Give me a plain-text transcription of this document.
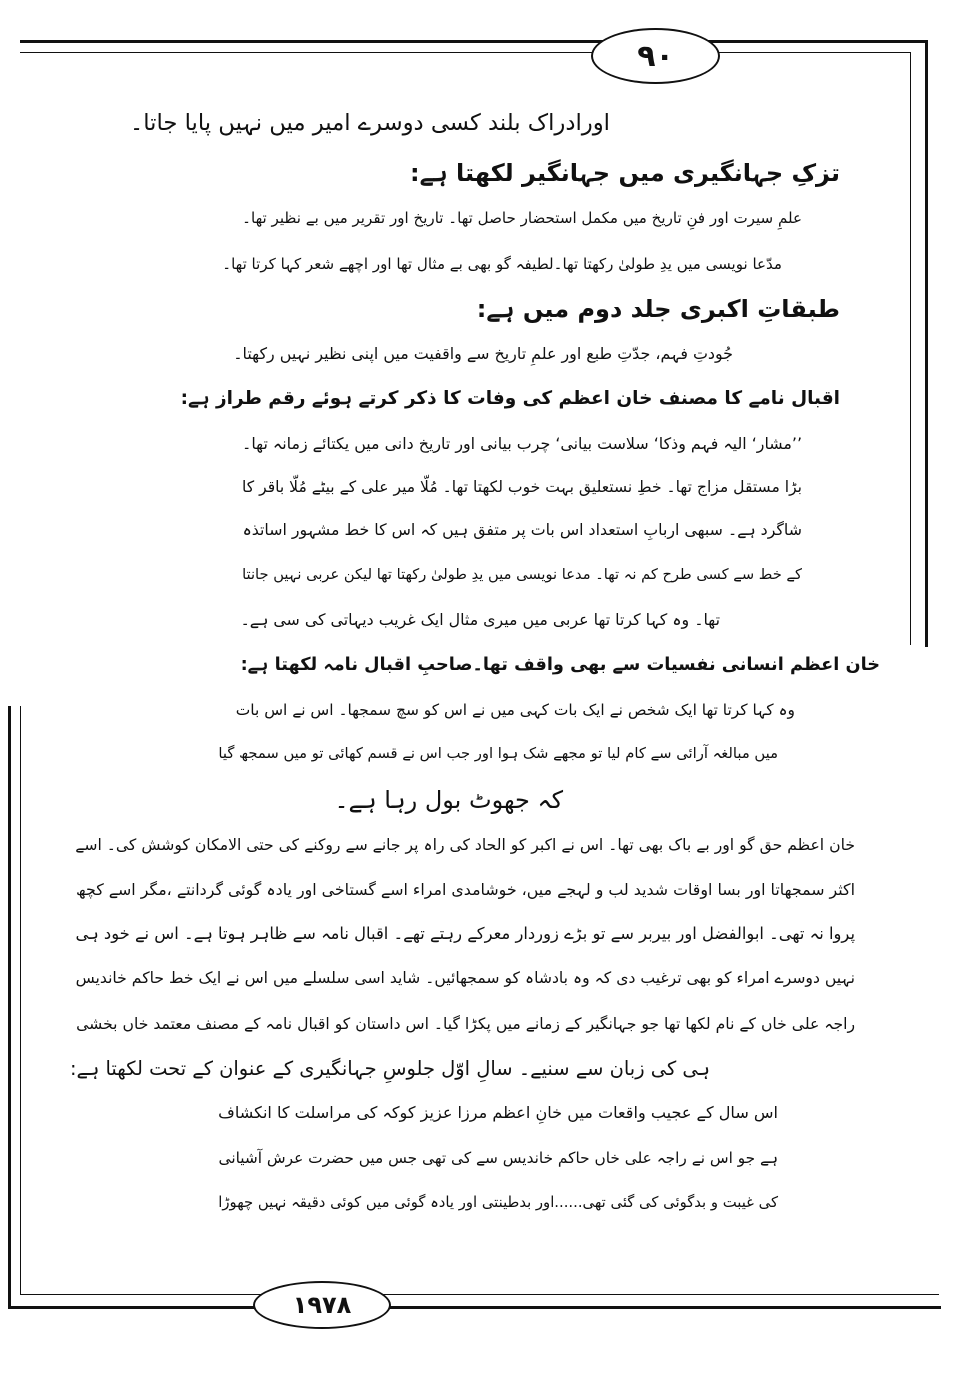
۹۰
۱۹۷۸
اورادراک بلند کسی دوسرے امیر میں نہیں پایا جاتا۔
تزکِ جہانگیری میں جہانگیر لکھتا ہے:
علمِ سیرت اور فنِ تاریخ میں مکمل استحضار حاصل تھا۔ تاریخ اور تقریر میں بے نظیر تھا۔
مدّعا نویسی میں یدِ طولیٰ رکھتا تھا۔لطیفہ گو بھی بے مثال تھا اور اچھے شعر کہا کرتا تھا۔
طبقاتِ اکبری جلد دوم میں ہے:
جُودتِ فہم، جدّتِ طبع اور علمِ تاریخ سے واقفیت میں اپنی نظیر نہیں رکھتا۔
اقبال نامے کا مصنف خان اعظم کی وفات کا ذکر کرتے ہوئے رقم طراز ہے:
’’مشار‘ الیہ فہم وذکا‘ سلاست بیانی‘ چرب بیانی اور تاریخ دانی میں یکتائے زمانہ تھا۔
بڑا مستقل مزاج تھا۔ خطِ نستعلیق بہت خوب لکھتا تھا۔ مُلّا میر علی کے بیٹے مُلّا باقر کا
شاگرد ہے۔ سبھی اربابِ استعداد اس بات پر متفق ہیں کہ اس کا خط مشہور اساتذہ
کے خط سے کسی طرح کم نہ تھا۔ مدعا نویسی میں یدِ طولیٰ رکھتا تھا لیکن عربی نہیں جانتا
تھا۔ وہ کہا کرتا تھا عربی میں میری مثال ایک غریب دیہاتی کی سی ہے۔
خان اعظم انسانی نفسیات سے بھی واقف تھا۔صاحبِ اقبال نامہ لکھتا ہے:
وہ کہا کرتا تھا ایک شخص نے ایک بات کہی میں نے اس کو سچ سمجھا۔ اس نے اس بات
میں مبالغہ آرائی سے کام لیا تو مجھے شک ہوا اور جب اس نے قسم کھائی تو میں سمجھ گیا
کہ جھوٹ بول رہا ہے۔
خان اعظم حق گو اور بے باک بھی تھا۔ اس نے اکبر کو الحاد کی راہ پر جانے سے روکنے کی حتی الامکان کوشش کی۔ اسے
اکثر سمجھاتا اور بسا اوقات شدید لب و لہجے میں، خوشامدی امراء اسے گستاخی اور یادہ گوئی گردانتے ،مگر اسے کچھ
پروا نہ تھی۔ ابوالفضل اور بیربر سے تو بڑے زوردار معرکے رہتے تھے۔ اقبال نامہ سے ظاہر ہوتا ہے۔ اس نے خود ہی
نہیں دوسرے امراء کو بھی ترغیب دی کہ وہ بادشاہ کو سمجھائیں۔ شاید اسی سلسلے میں اس نے ایک خط حاکم خاندیس
راجہ علی خاں کے نام لکھا تھا جو جہانگیر کے زمانے میں پکڑا گیا۔ اس داستان کو اقبال نامہ کے مصنف معتمد خاں بخشی
ہی کی زبان سے سنیے۔ سالِ اوّل جلوسِ جہانگیری کے عنوان کے تحت لکھتا ہے:
اس سال کے عجیب واقعات میں خانِ اعظم مرزا عزیز کوکہ کی مراسلت کا انکشاف
ہے جو اس نے راجہ علی خاں حاکم خاندیس سے کی تھی جس میں حضرت عرش آشیانی
کی غیبت و بدگوئی کی گئی تھی......اور بدطینتی اور یادہ گوئی میں کوئی دقیقہ نہیں چھوڑا
